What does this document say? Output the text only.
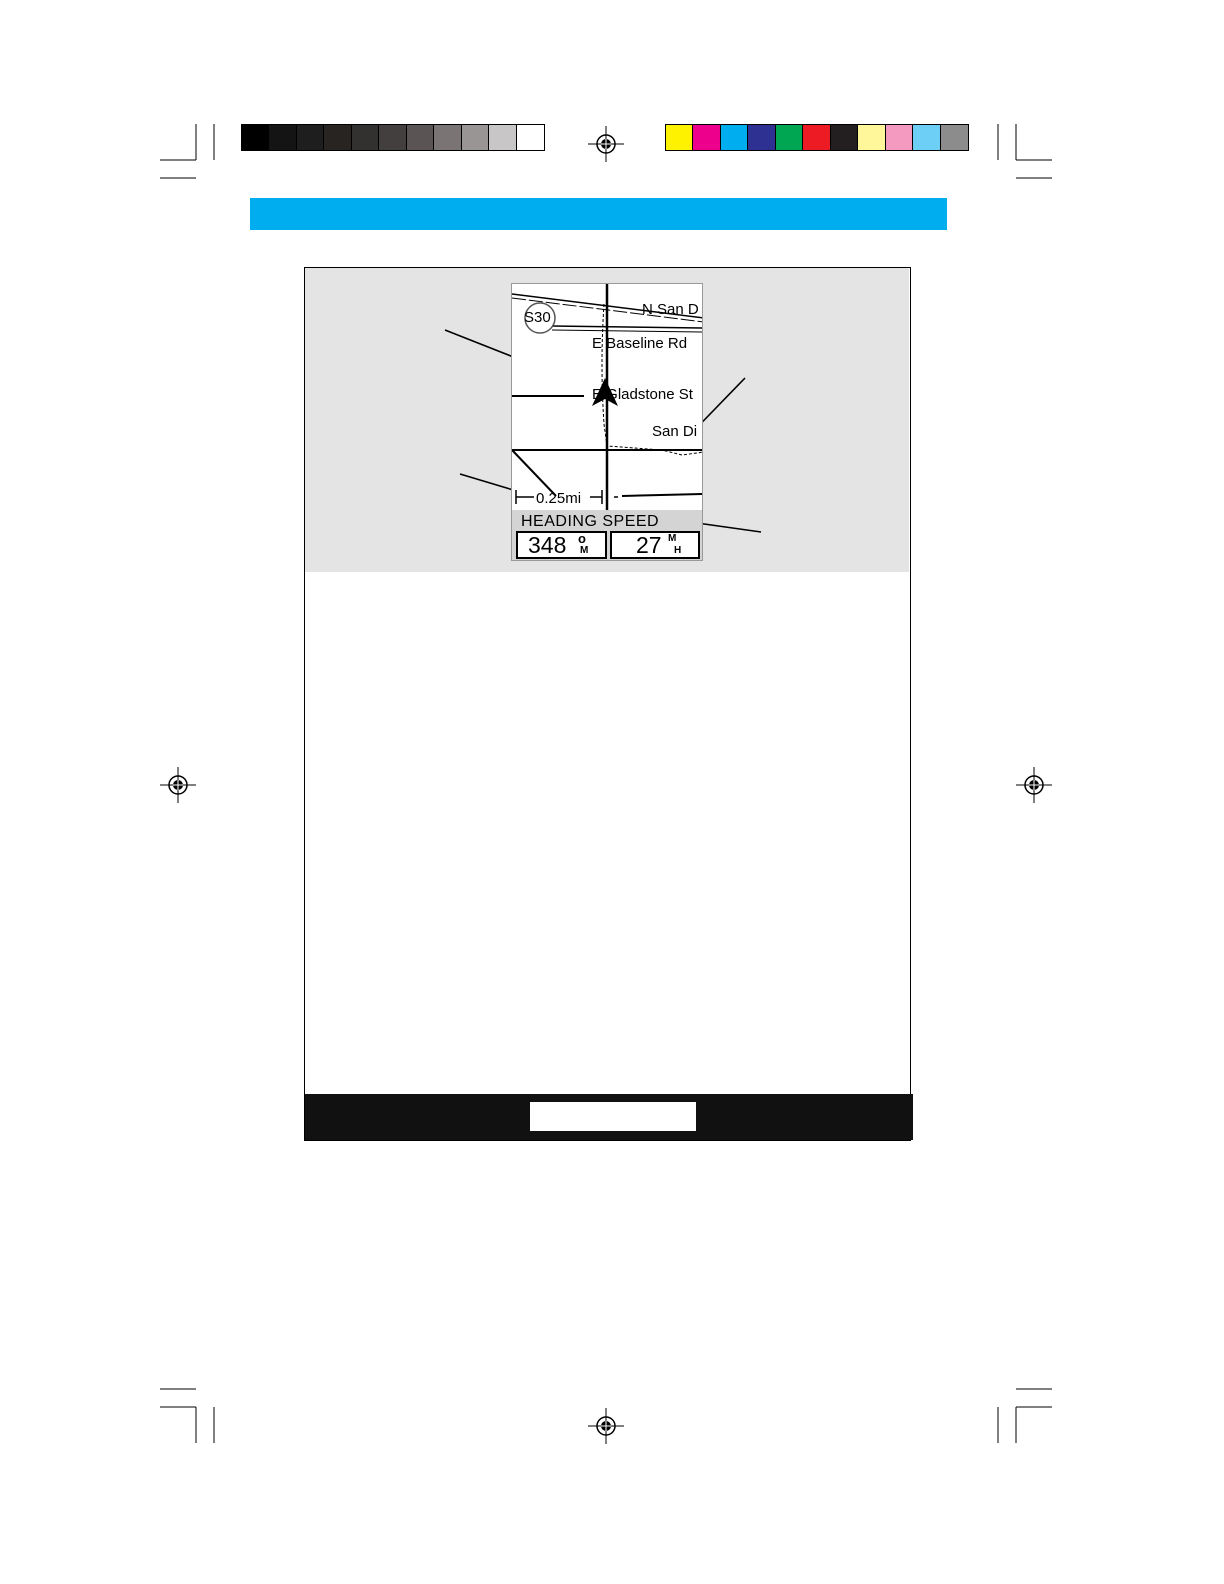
S30	N San D
E Baseline Rd
E Gladstone St
San Di
0.25mi
HEADING SPEED
348 o
M 27 M
H
